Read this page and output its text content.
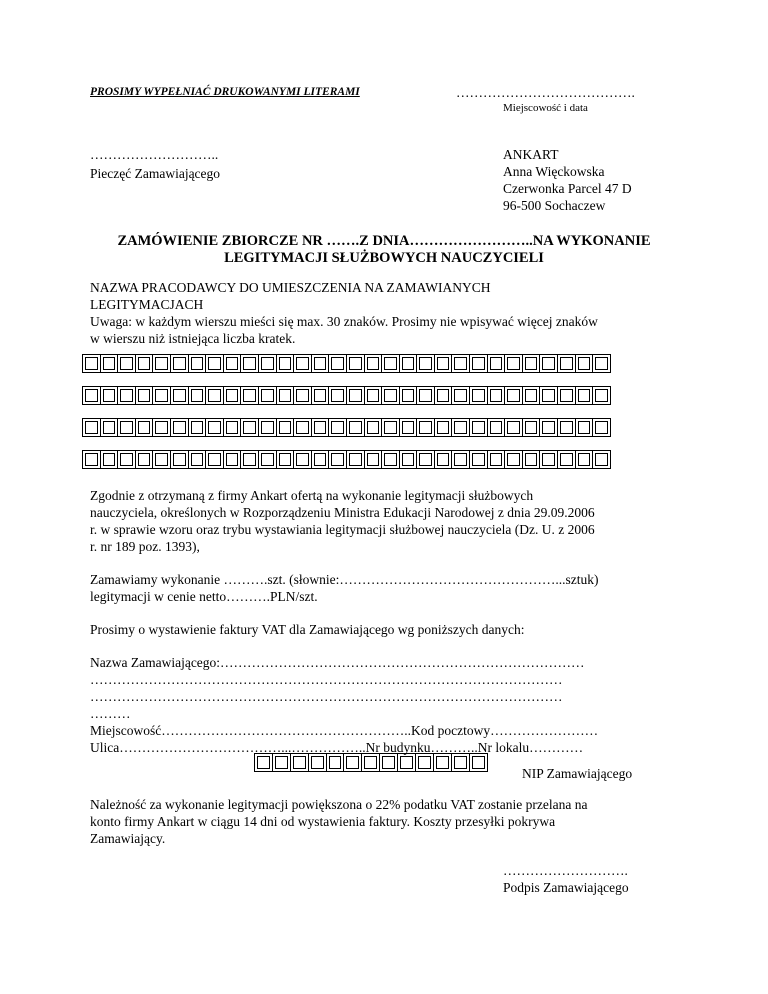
PROSIMY WYPEŁNIAĆ DRUKOWANYMI LITERAMI	………………………………….
Miejscowość i data
………………………..
Pieczęć Zamawiającego
ANKART
Anna Więckowska
Czerwonka Parcel 47 D
96-500 Sochaczew
ZAMÓWIENIE ZBIORCZE NR …….Z DNIA……………………..NA WYKONANIE
LEGITYMACJI SŁUŻBOWYCH NAUCZYCIELI
NAZWA PRACODAWCY DO UMIESZCZENIA NA ZAMAWIANYCH
LEGITYMACJACH
Uwaga: w każdym wierszu mieści się max. 30 znaków. Prosimy nie wpisywać więcej znaków
w wierszu niż istniejąca liczba kratek.
Zgodnie z otrzymaną z firmy Ankart ofertą na wykonanie legitymacji służbowych
nauczyciela, określonych w Rozporządzeniu Ministra Edukacji Narodowej z dnia 29.09.2006
r. w sprawie wzoru oraz trybu wystawiania legitymacji służbowej nauczyciela (Dz. U. z 2006
r. nr 189 poz. 1393),
Zamawiamy wykonanie ……….szt. (słownie:…………………………………………...sztuk)
legitymacji w cenie netto……….PLN/szt.
Prosimy o wystawienie faktury VAT dla Zamawiającego wg poniższych danych:
Nazwa Zamawiającego:………………………………………………………………………
……………………………………………………………………………………………
……………………………………………………………………………………………
………
Miejscowość………………………………………………..Kod pocztowy……………………
Ulica………………………………...……………..Nr budynku………..Nr lokalu…………
NIP Zamawiającego
Należność za wykonanie legitymacji powiększona o 22% podatku VAT zostanie przelana na
konto firmy Ankart w ciągu 14 dni od wystawienia faktury. Koszty przesyłki pokrywa
Zamawiający.
……………………….
Podpis Zamawiającego
